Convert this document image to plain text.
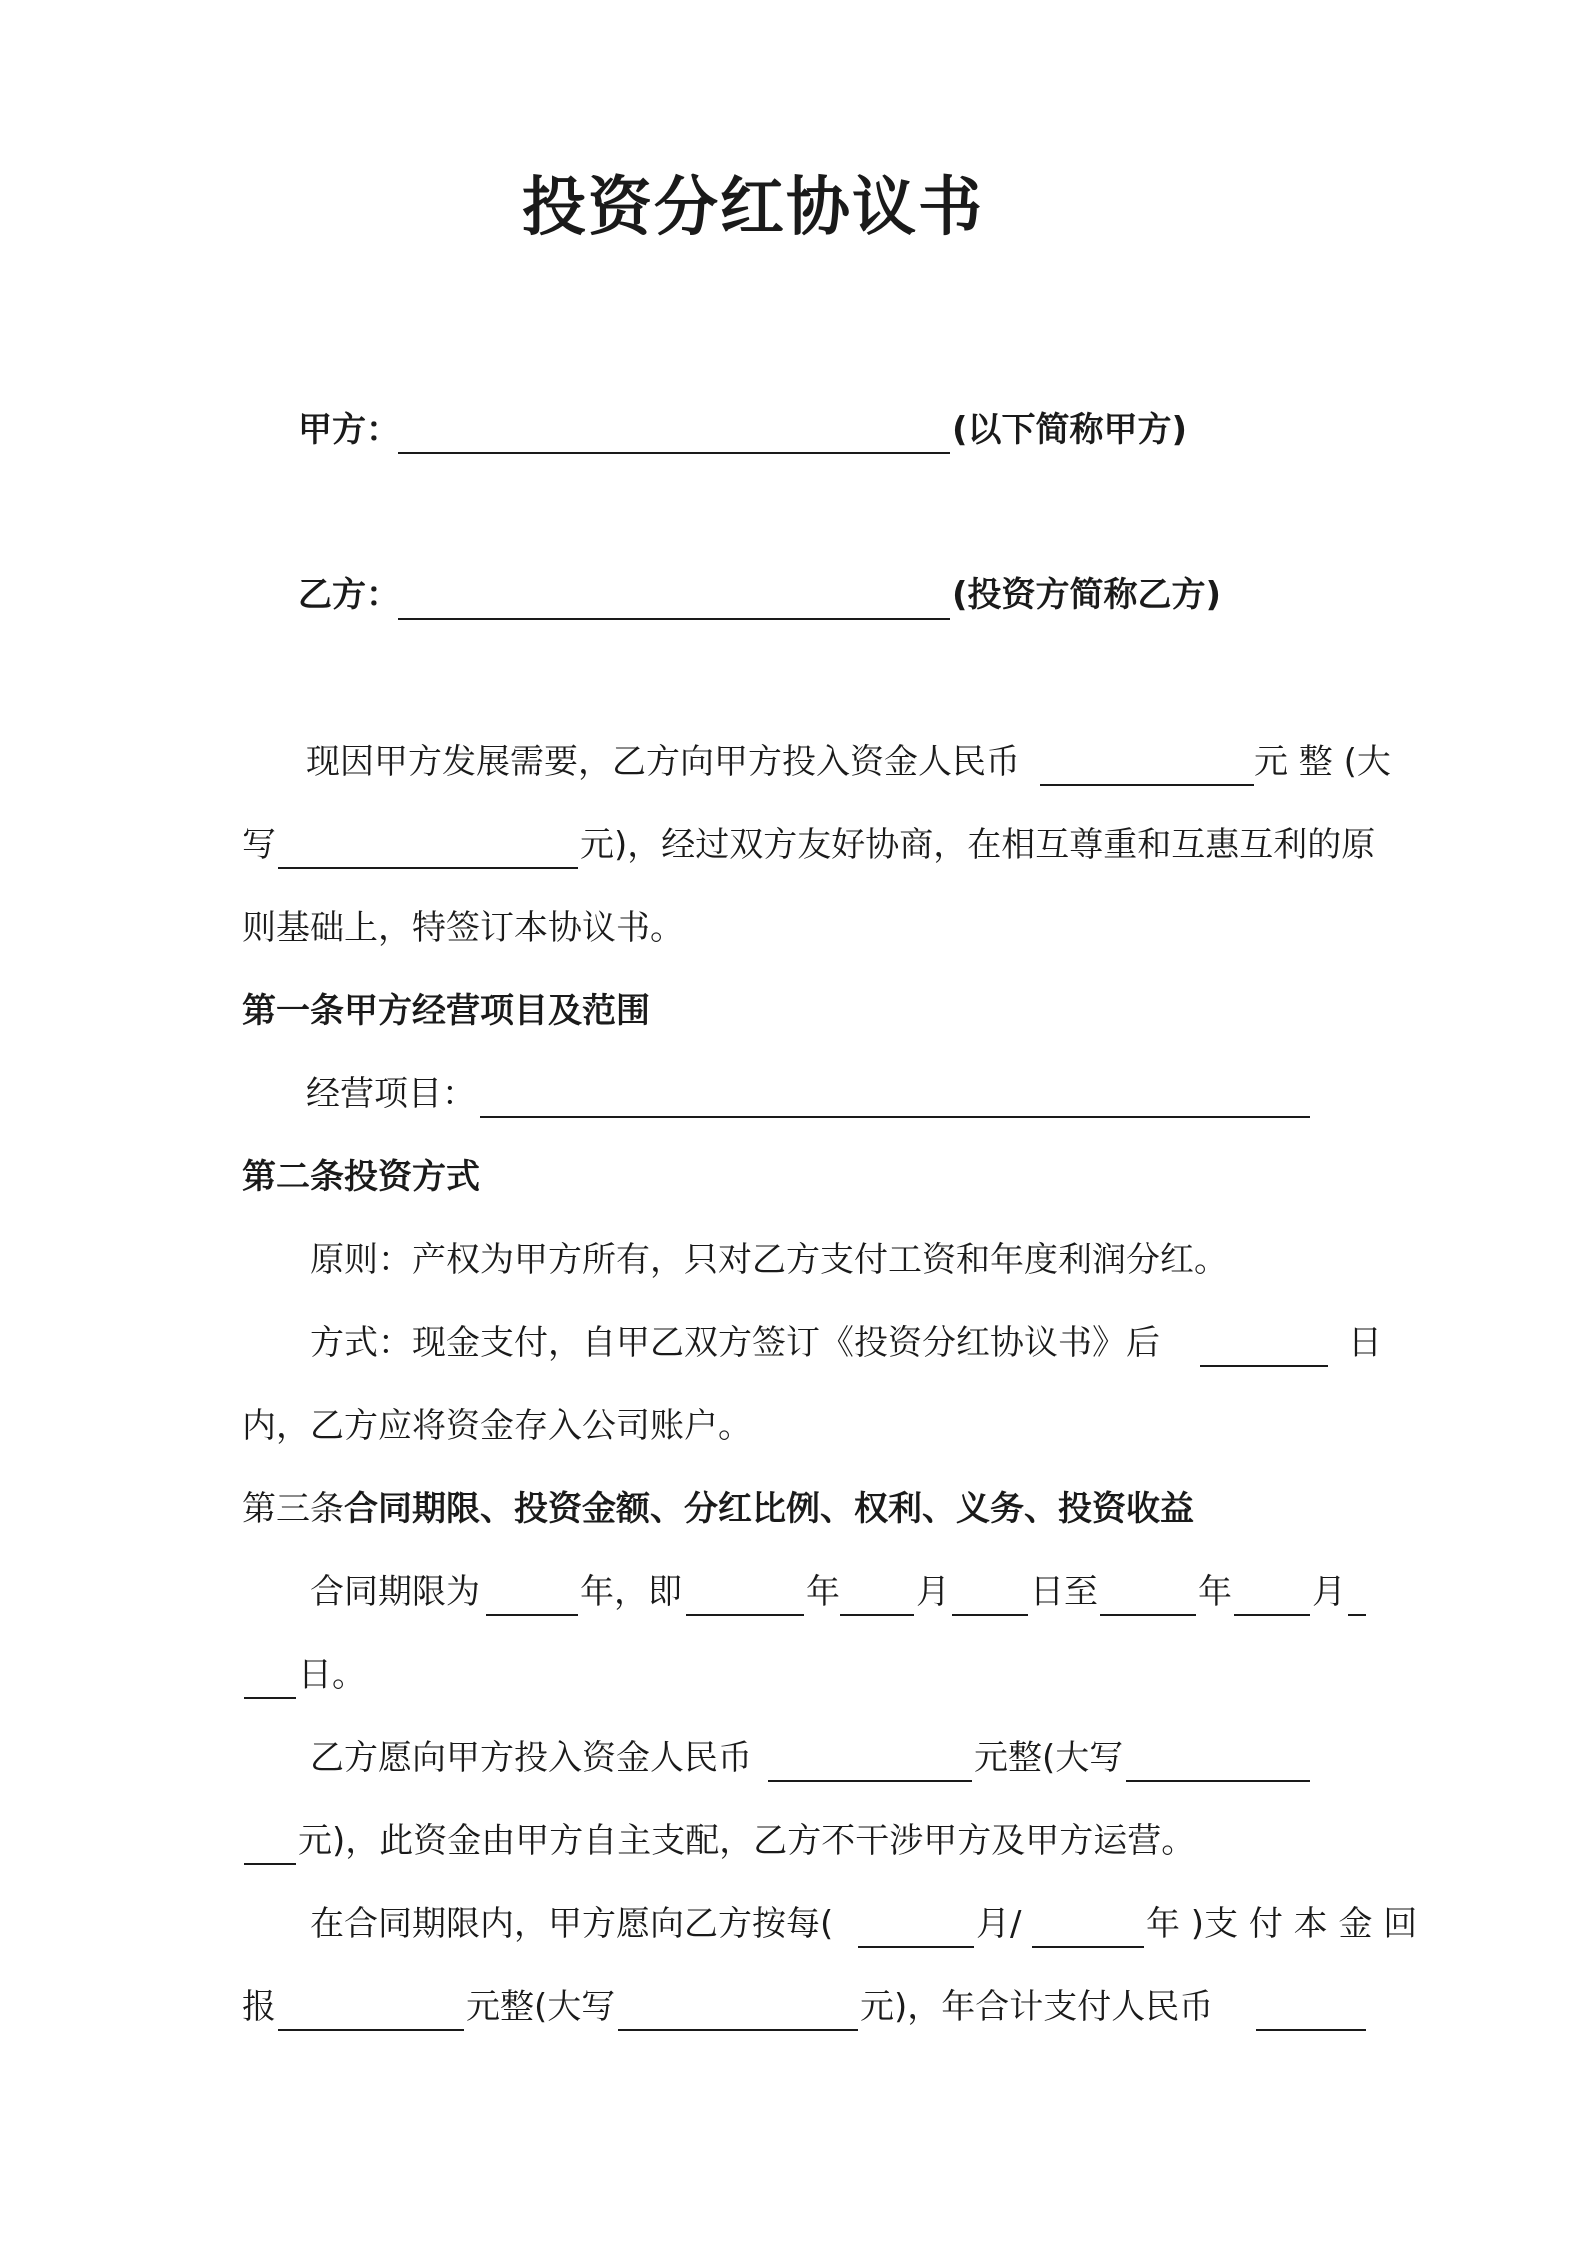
投资分红协议书
甲方：	(以下简称甲方)
乙方：	(投资方简称乙方)
现因甲方发展需要，乙方向甲方投入资金人民币	元 整 (大
写	元)，经过双方友好协商，在相互尊重和互惠互利的原
则基础上，特签订本协议书。
第一条甲方经营项目及范围
经营项目：
第二条投资方式
原则：产权为甲方所有，只对乙方支付工资和年度利润分红。
方式：现金支付，自甲乙双方签订《投资分红协议书》后	日
内，乙方应将资金存入公司账户。
第三条 合同期限、投资金额、分红比例、权利、义务、投资收益
合同期限为	年，即	年 月 日至	年 月
日。
乙方愿向甲方投入资金人民币	元整(大写
元)，此资金由甲方自主支配，乙方不干涉甲方及甲方运营。
在合同期限内，甲方愿向乙方按每(	月/	年 )支 付 本 金 回
报	元整(大写	元)，年合计支付人民币
